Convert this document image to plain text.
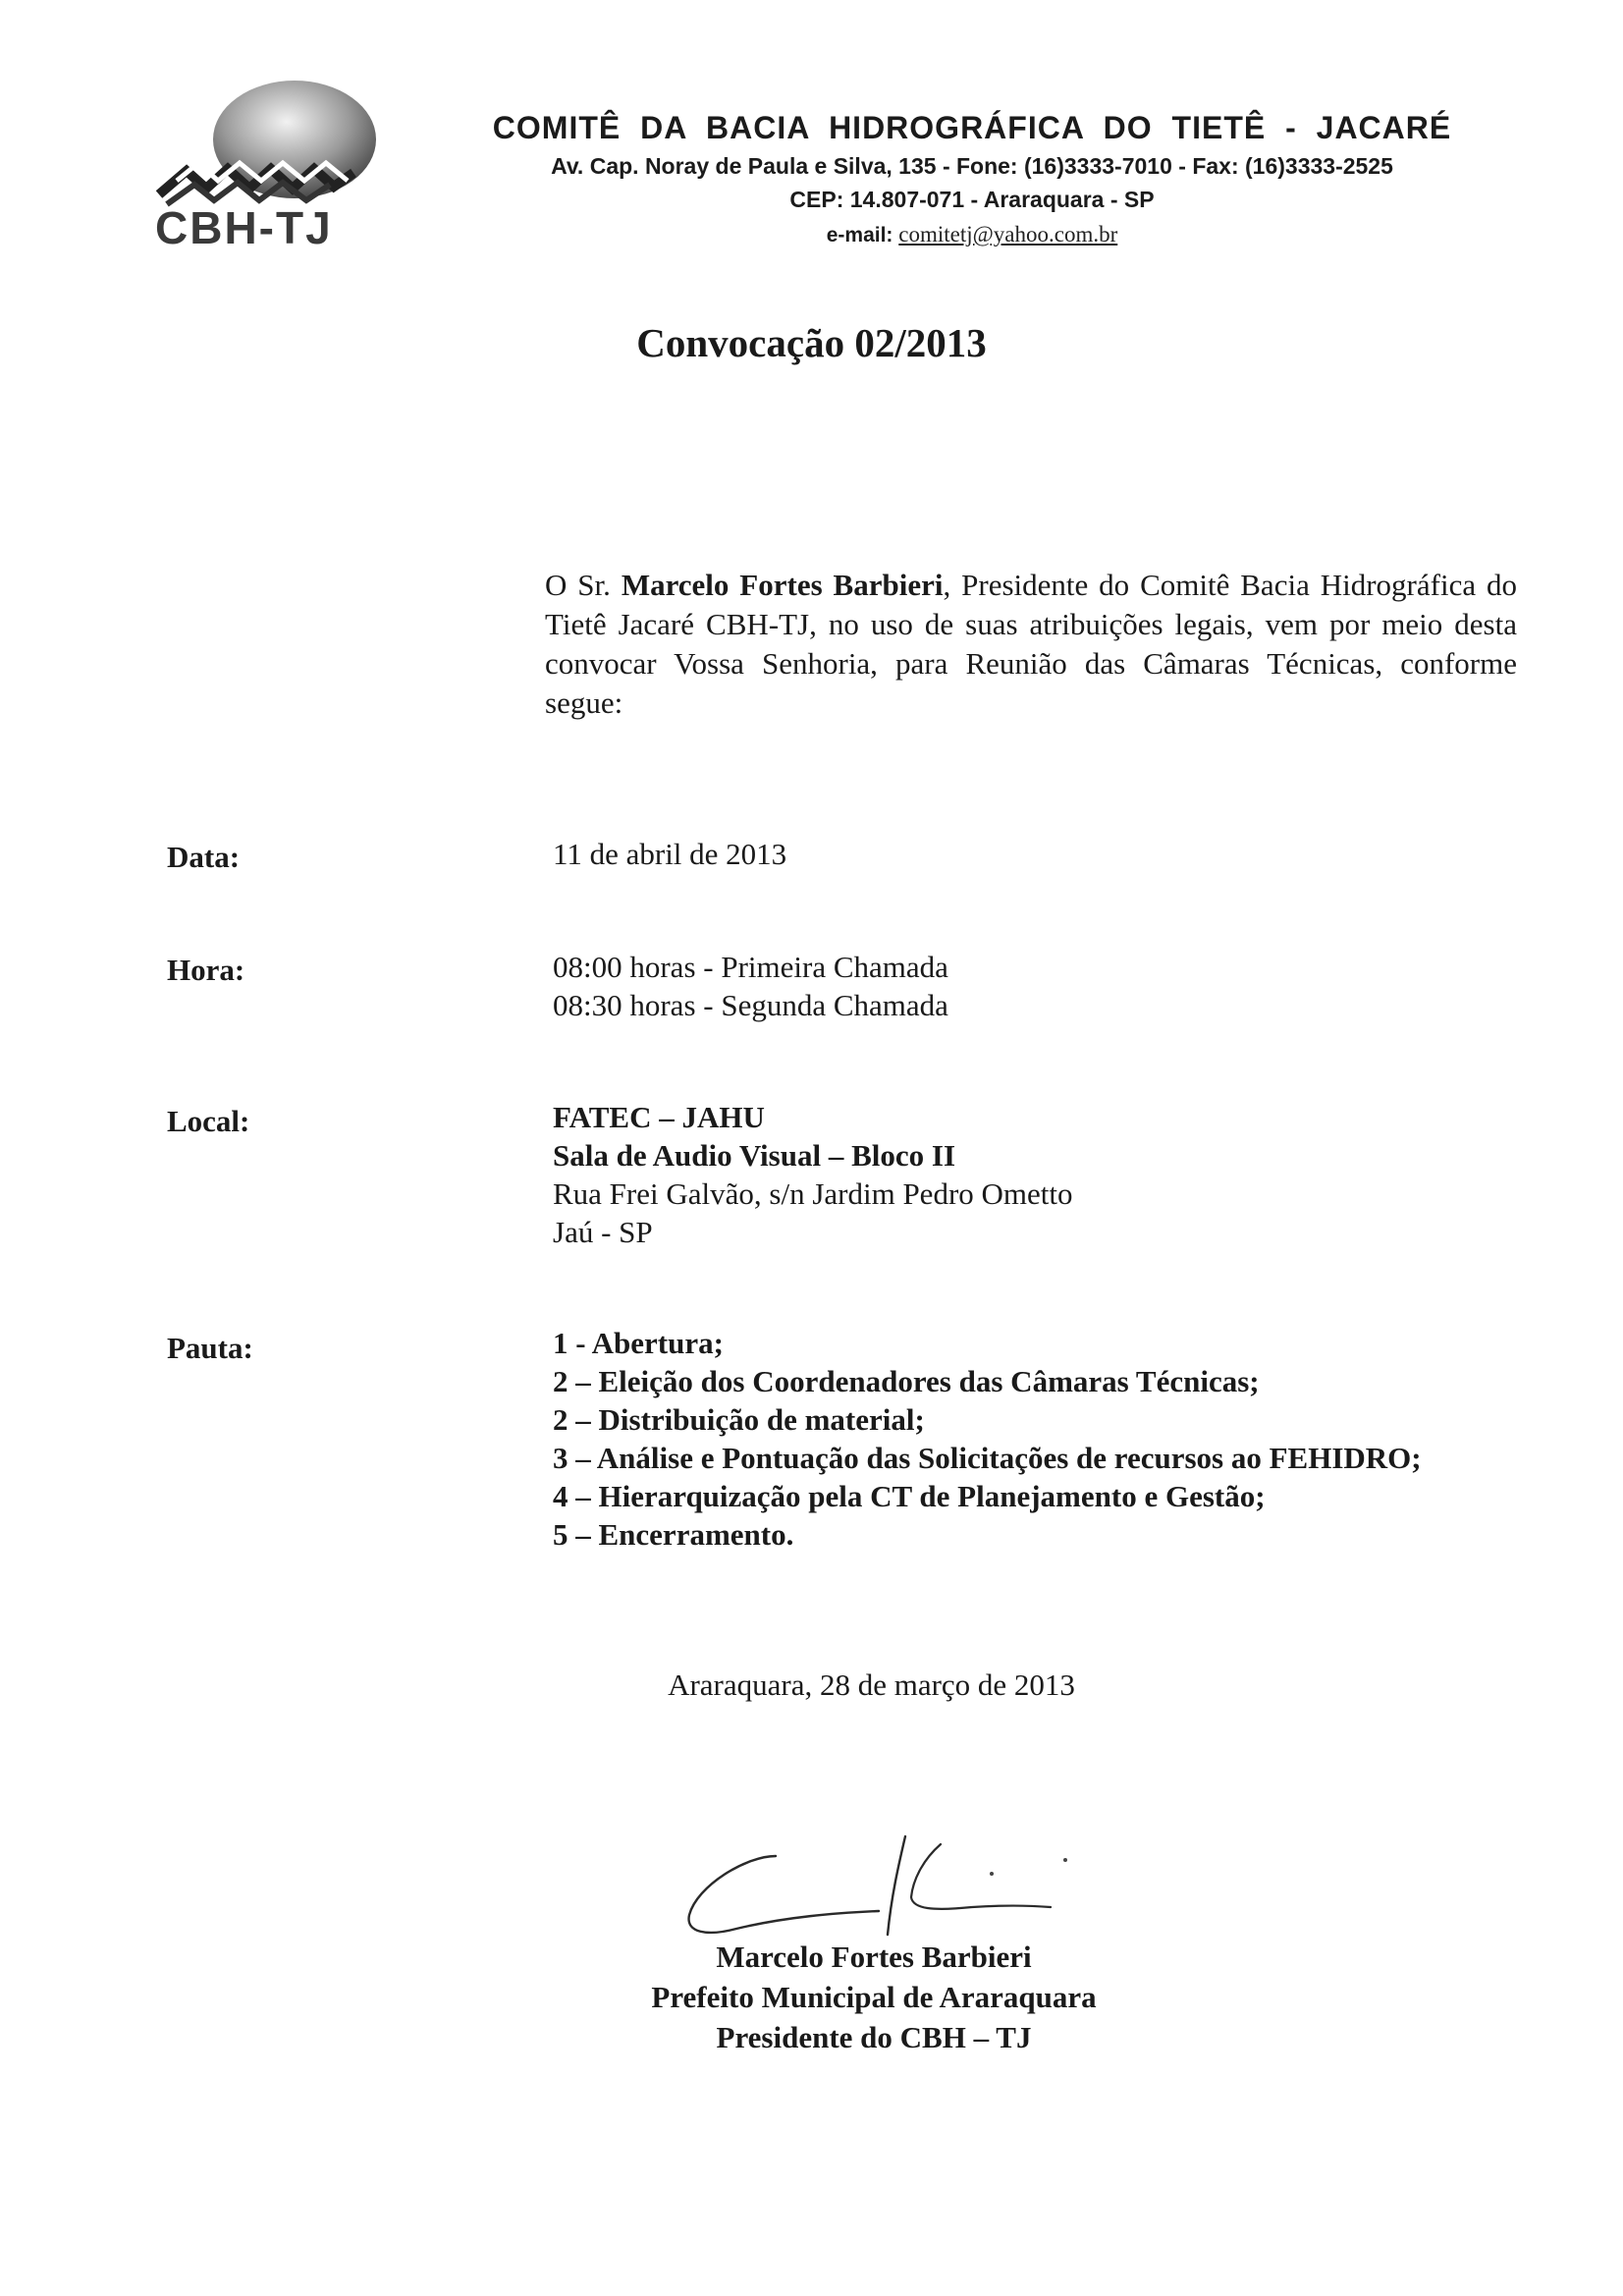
CBH-TJ
COMITÊ DA BACIA HIDROGRÁFICA DO TIETÊ - JACARÉ
Av. Cap. Noray de Paula e Silva, 135 - Fone: (16)3333-7010 - Fax: (16)3333-2525
CEP: 14.807-071 - Araraquara - SP
e-mail: comitetj@yahoo.com.br
Convocação 02/2013
O Sr. Marcelo Fortes Barbieri, Presidente do Comitê Bacia Hidrográfica do Tietê Jacaré CBH-TJ, no uso de suas atribuições legais, vem por meio desta convocar Vossa Senhoria, para Reunião das Câmaras Técnicas, conforme segue:
Data:	11 de abril de 2013
Hora:	08:00 horas - Primeira Chamada
08:30 horas - Segunda Chamada
Local:	FATEC – JAHU
Sala de Audio Visual – Bloco II
Rua Frei Galvão, s/n Jardim Pedro Ometto
Jaú - SP
Pauta:	1 - Abertura;
2 – Eleição dos Coordenadores das Câmaras Técnicas;
2 – Distribuição de material;
3 – Análise e Pontuação das Solicitações de recursos ao FEHIDRO;
4 – Hierarquização pela CT de Planejamento e Gestão;
5 – Encerramento.
Araraquara, 28 de março de 2013
Marcelo Fortes Barbieri
Prefeito Municipal de Araraquara
Presidente do CBH – TJ
